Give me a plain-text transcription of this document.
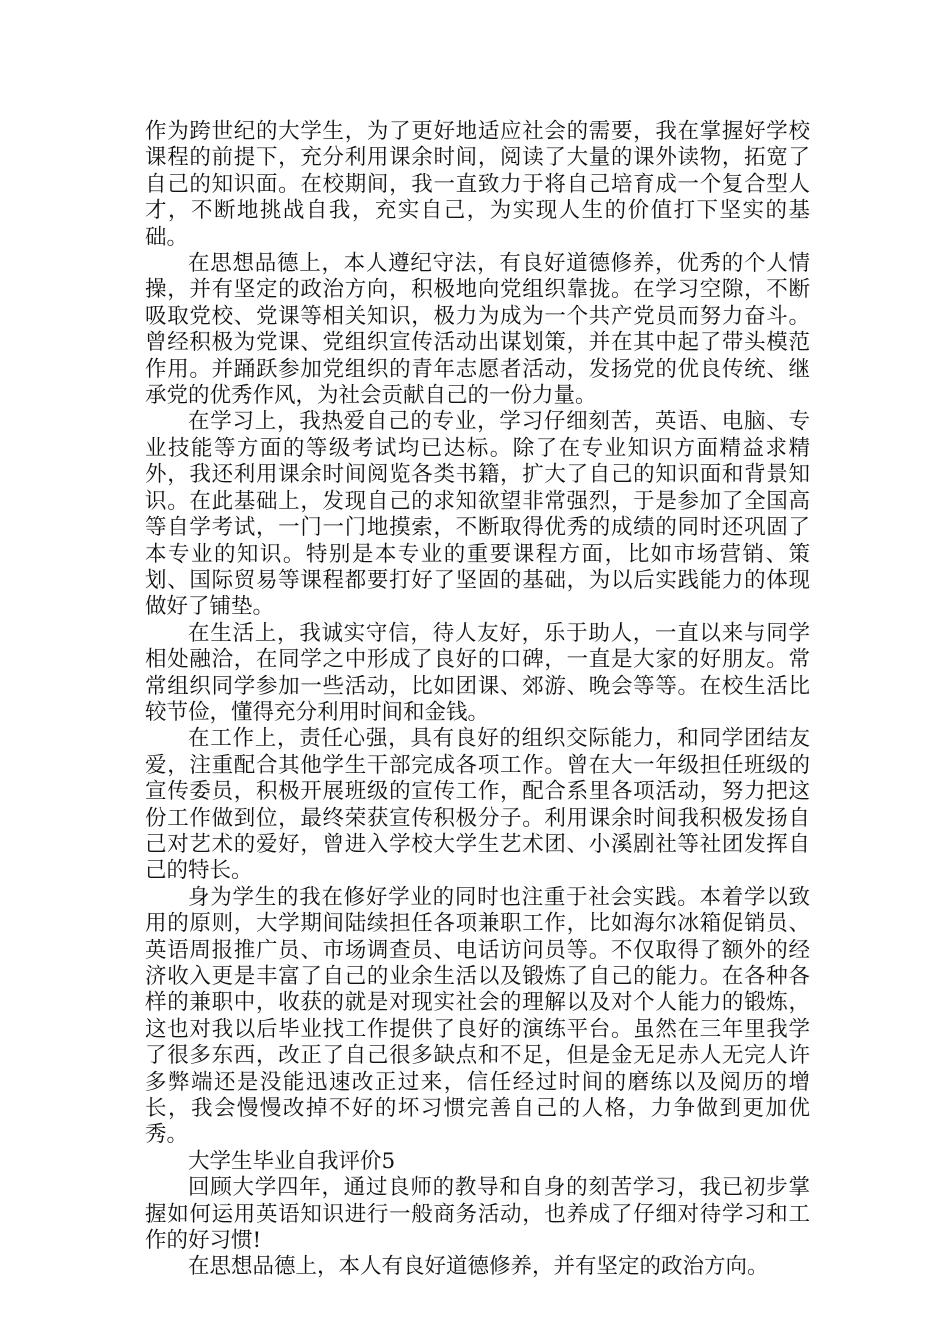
作为跨世纪的大学生，为了更好地适应社会的需要，我在掌握好学校课程的前提下，充分利用课余时间，阅读了大量的课外读物，拓宽了自己的知识面。在校期间，我一直致力于将自己培育成一个复合型人才，不断地挑战自我，充实自己，为实现人生的价值打下坚实的基础。

在思想品德上，本人遵纪守法，有良好道德修养，优秀的个人情操，并有坚定的政治方向，积极地向党组织靠拢。在学习空隙，不断吸取党校、党课等相关知识，极力为成为一个共产党员而努力奋斗。曾经积极为党课、党组织宣传活动出谋划策，并在其中起了带头模范作用。并踊跃参加党组织的青年志愿者活动，发扬党的优良传统、继承党的优秀作风，为社会贡献自己的一份力量。

在学习上，我热爱自己的专业，学习仔细刻苦，英语、电脑、专业技能等方面的等级考试均已达标。除了在专业知识方面精益求精外，我还利用课余时间阅览各类书籍，扩大了自己的知识面和背景知识。在此基础上，发现自己的求知欲望非常强烈，于是参加了全国高等自学考试，一门一门地摸索，不断取得优秀的成绩的同时还巩固了本专业的知识。特别是本专业的重要课程方面，比如市场营销、策划、国际贸易等课程都要打好了坚固的基础，为以后实践能力的体现做好了铺垫。

在生活上，我诚实守信，待人友好，乐于助人，一直以来与同学相处融洽，在同学之中形成了良好的口碑，一直是大家的好朋友。常常组织同学参加一些活动，比如团课、郊游、晚会等等。在校生活比较节俭，懂得充分利用时间和金钱。

在工作上，责任心强，具有良好的组织交际能力，和同学团结友爱，注重配合其他学生干部完成各项工作。曾在大一年级担任班级的宣传委员，积极开展班级的宣传工作，配合系里各项活动，努力把这份工作做到位，最终荣获宣传积极分子。利用课余时间我积极发扬自己对艺术的爱好，曾进入学校大学生艺术团、小溪剧社等社团发挥自己的特长。

身为学生的我在修好学业的同时也注重于社会实践。本着学以致用的原则，大学期间陆续担任各项兼职工作，比如海尔冰箱促销员、英语周报推广员、市场调查员、电话访问员等。不仅取得了额外的经济收入更是丰富了自己的业余生活以及锻炼了自己的能力。在各种各样的兼职中，收获的就是对现实社会的理解以及对个人能力的锻炼，这也对我以后毕业找工作提供了良好的演练平台。虽然在三年里我学了很多东西，改正了自己很多缺点和不足，但是金无足赤人无完人许多弊端还是没能迅速改正过来，信任经过时间的磨练以及阅历的增长，我会慢慢改掉不好的坏习惯完善自己的人格，力争做到更加优秀。

大学生毕业自我评价5

回顾大学四年，通过良师的教导和自身的刻苦学习，我已初步掌握如何运用英语知识进行一般商务活动，也养成了仔细对待学习和工作的好习惯!

在思想品德上，本人有良好道德修养，并有坚定的政治方向。
